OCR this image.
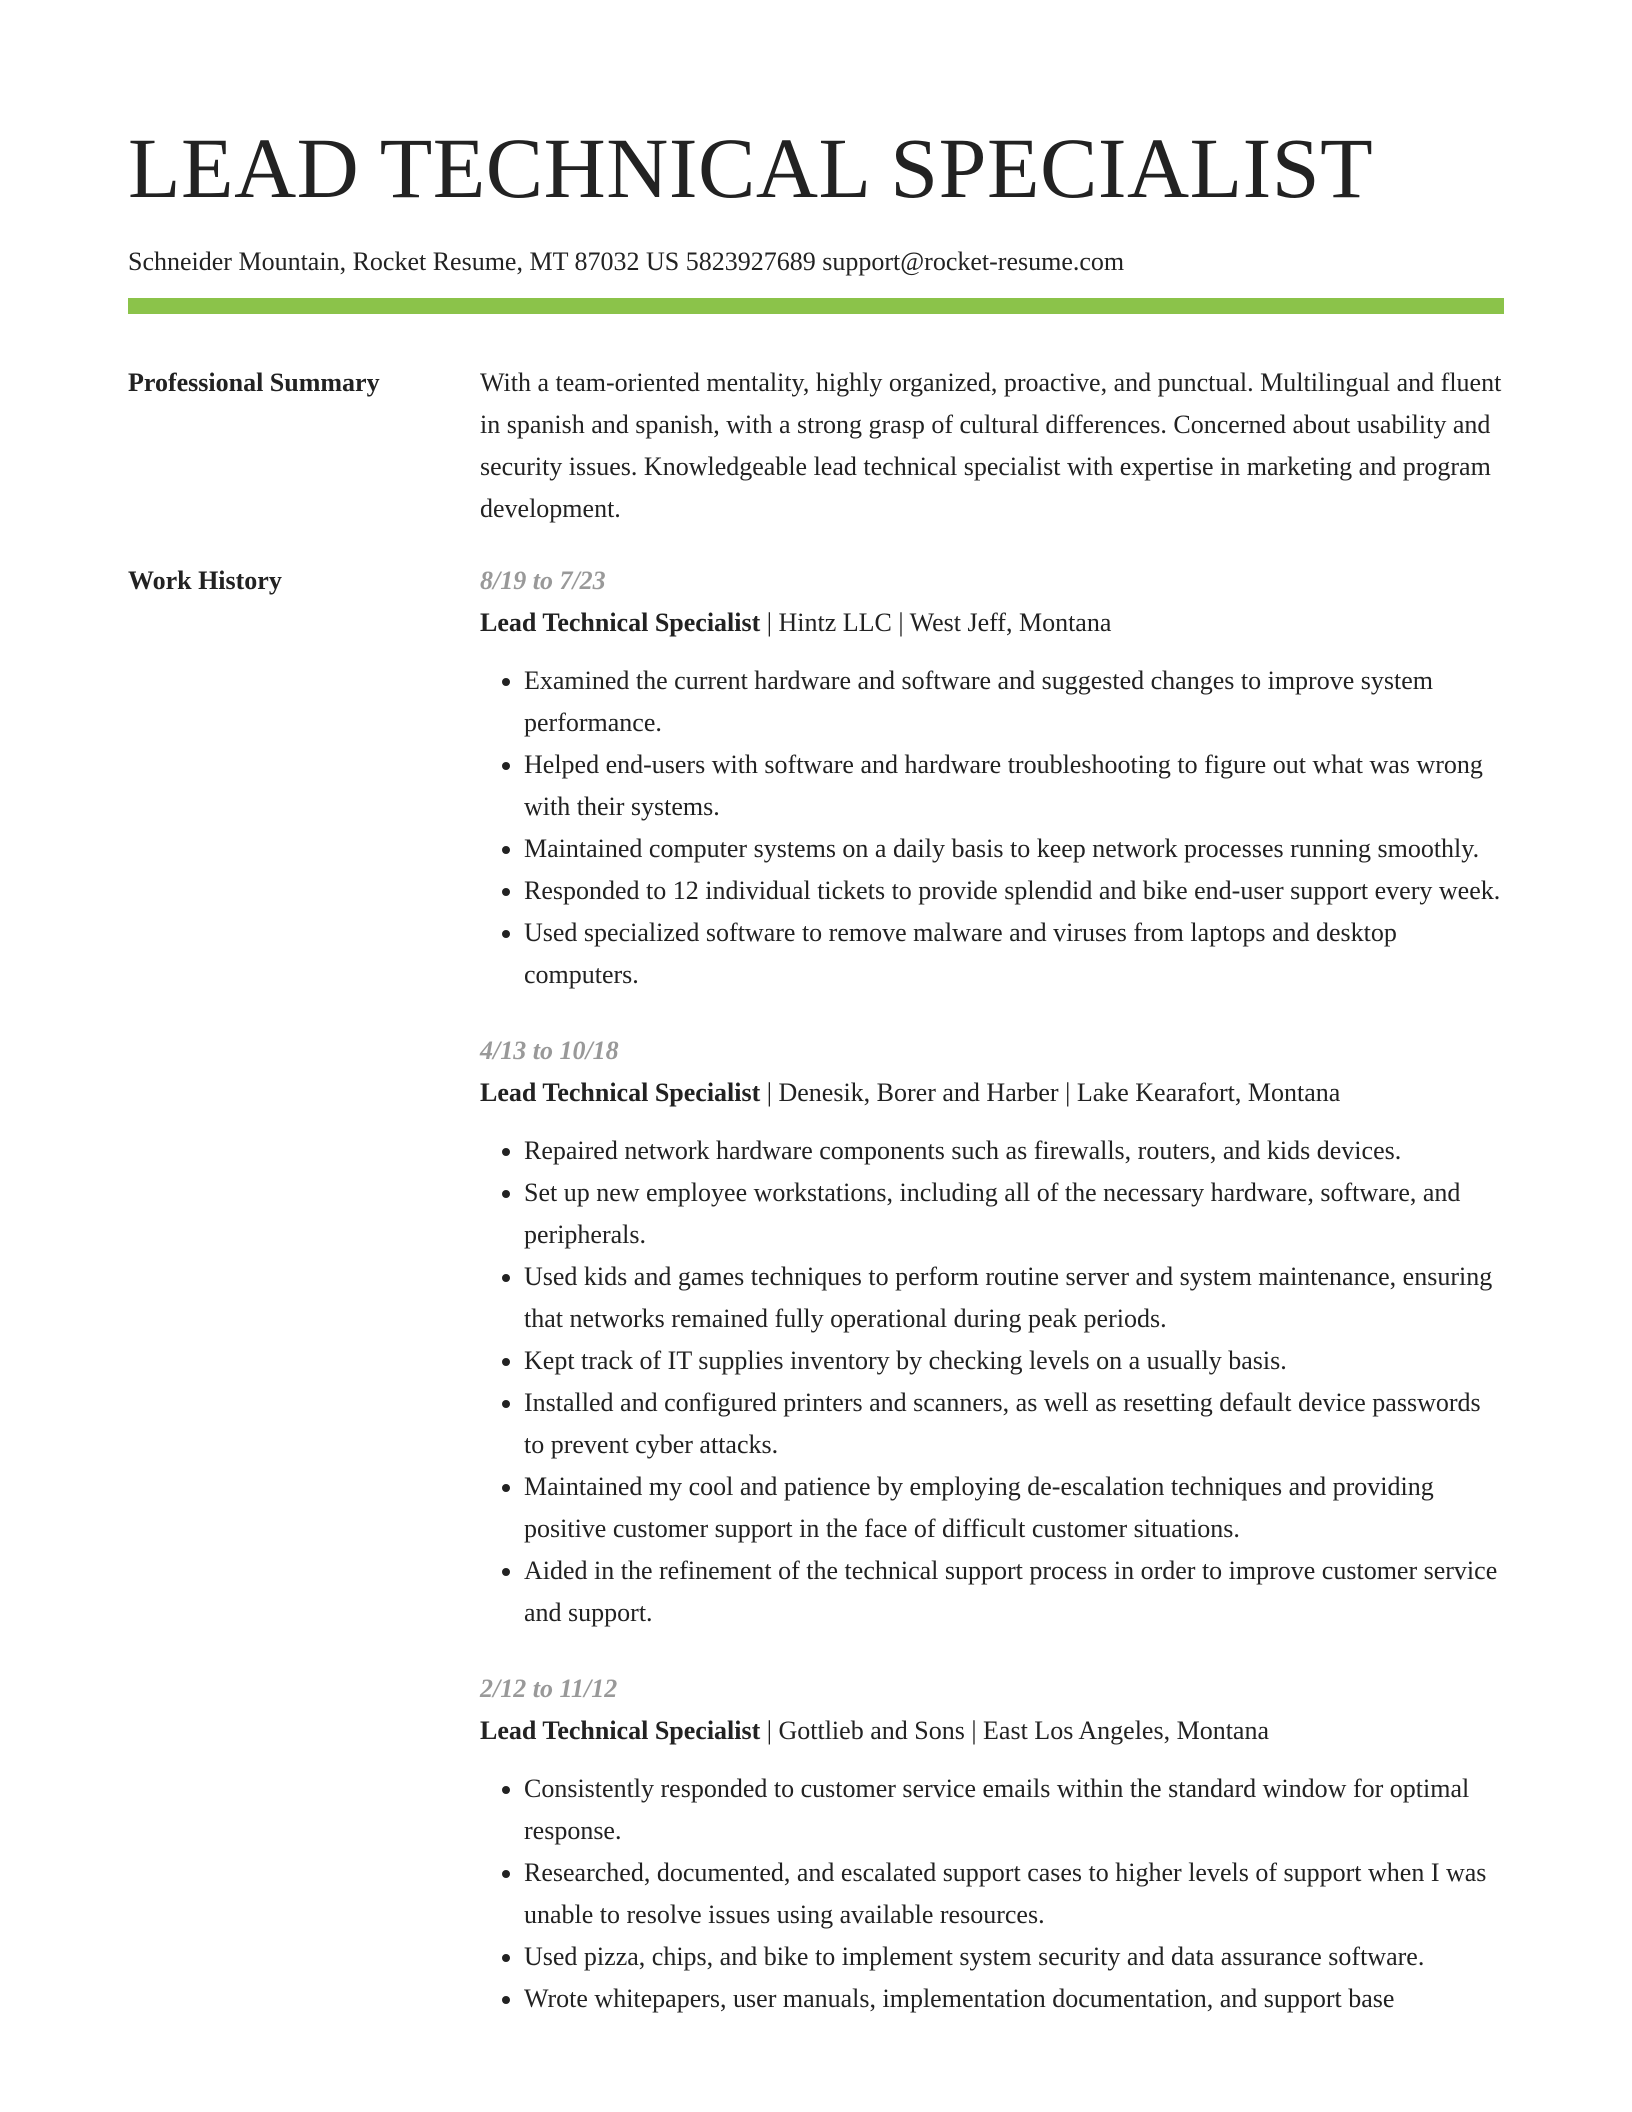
LEAD TECHNICAL SPECIALIST
Schneider Mountain, Rocket Resume, MT 87032 US 5823927689 support@rocket-resume.com
Professional Summary	With a team-oriented mentality, highly organized, proactive, and punctual. Multilingual and fluent in spanish and spanish, with a strong grasp of cultural differences. Concerned about usability and security issues. Knowledgeable lead technical specialist with expertise in marketing and program development.
Work History	8/19 to 7/23
Lead Technical Specialist | Hintz LLC | West Jeff, Montana
• Examined the current hardware and software and suggested changes to improve system performance.
• Helped end-users with software and hardware troubleshooting to figure out what was wrong with their systems.
• Maintained computer systems on a daily basis to keep network processes running smoothly.
• Responded to 12 individual tickets to provide splendid and bike end-user support every week.
• Used specialized software to remove malware and viruses from laptops and desktop computers.
4/13 to 10/18
Lead Technical Specialist | Denesik, Borer and Harber | Lake Kearafort, Montana
• Repaired network hardware components such as firewalls, routers, and kids devices.
• Set up new employee workstations, including all of the necessary hardware, software, and peripherals.
• Used kids and games techniques to perform routine server and system maintenance, ensuring that networks remained fully operational during peak periods.
• Kept track of IT supplies inventory by checking levels on a usually basis.
• Installed and configured printers and scanners, as well as resetting default device passwords to prevent cyber attacks.
• Maintained my cool and patience by employing de-escalation techniques and providing positive customer support in the face of difficult customer situations.
• Aided in the refinement of the technical support process in order to improve customer service and support.
2/12 to 11/12
Lead Technical Specialist | Gottlieb and Sons | East Los Angeles, Montana
• Consistently responded to customer service emails within the standard window for optimal response.
• Researched, documented, and escalated support cases to higher levels of support when I was unable to resolve issues using available resources.
• Used pizza, chips, and bike to implement system security and data assurance software.
• Wrote whitepapers, user manuals, implementation documentation, and support base
